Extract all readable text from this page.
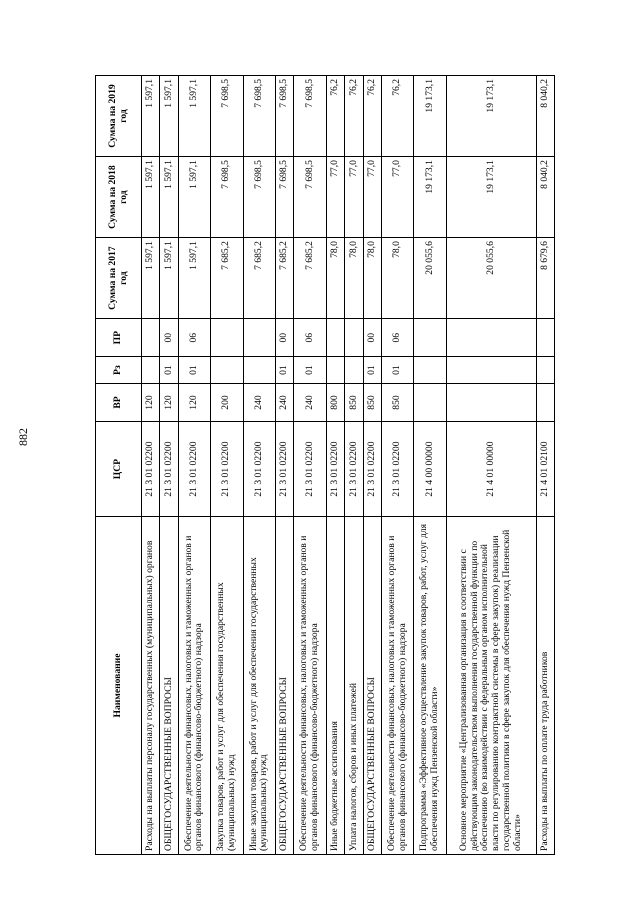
882
Наименование	ЦСР	ВР	Рз	ПР	Сумма на 2017 год	Сумма на 2018 год	Сумма на 2019 год
Расходы на выплаты персоналу государственных (муниципальных) органов	21 3 01 02200	120			1 597,1	1 597,1	1 597,1
ОБЩЕГОСУДАРСТВЕННЫЕ ВОПРОСЫ	21 3 01 02200	120	01	00	1 597,1	1 597,1	1 597,1
Обеспечение деятельности финансовых, налоговых и таможенных органов и органов финансового (финансово-бюджетного) надзора	21 3 01 02200	120	01	06	1 597,1	1 597,1	1 597,1
Закупка товаров, работ и услуг для обеспечения государственных (муниципальных) нужд	21 3 01 02200	200			7 685,2	7 698,5	7 698,5
Иные закупки товаров, работ и услуг для обеспечения государственных (муниципальных) нужд	21 3 01 02200	240			7 685,2	7 698,5	7 698,5
ОБЩЕГОСУДАРСТВЕННЫЕ ВОПРОСЫ	21 3 01 02200	240	01	00	7 685,2	7 698,5	7 698,5
Обеспечение деятельности финансовых, налоговых и таможенных органов и органов финансового (финансово-бюджетного) надзора	21 3 01 02200	240	01	06	7 685,2	7 698,5	7 698,5
Иные бюджетные ассигнования	21 3 01 02200	800			78,0	77,0	76,2
Уплата налогов, сборов и иных платежей	21 3 01 02200	850			78,0	77,0	76,2
ОБЩЕГОСУДАРСТВЕННЫЕ ВОПРОСЫ	21 3 01 02200	850	01	00	78,0	77,0	76,2
Обеспечение деятельности финансовых, налоговых и таможенных органов и органов финансового (финансово-бюджетного) надзора	21 3 01 02200	850	01	06	78,0	77,0	76,2
Подпрограмма «Эффективное осуществление закупок товаров, работ, услуг для обеспечения нужд Пензенской области»	21 4 00 00000				20 055,6	19 173,1	19 173,1
Основное мероприятие «Централизованная организация в соответствии с действующим законодательством выполнения государственной функции по обеспечению (во взаимодействии с федеральным органом исполнительной власти по регулированию контрактной системы в сфере закупок) реализации государственной политики в сфере закупок для обеспечения нужд Пензенской области»	21 4 01 00000				20 055,6	19 173,1	19 173,1
Расходы на выплаты по оплате труда работников	21 4 01 02100				8 679,6	8 040,2	8 040,2
